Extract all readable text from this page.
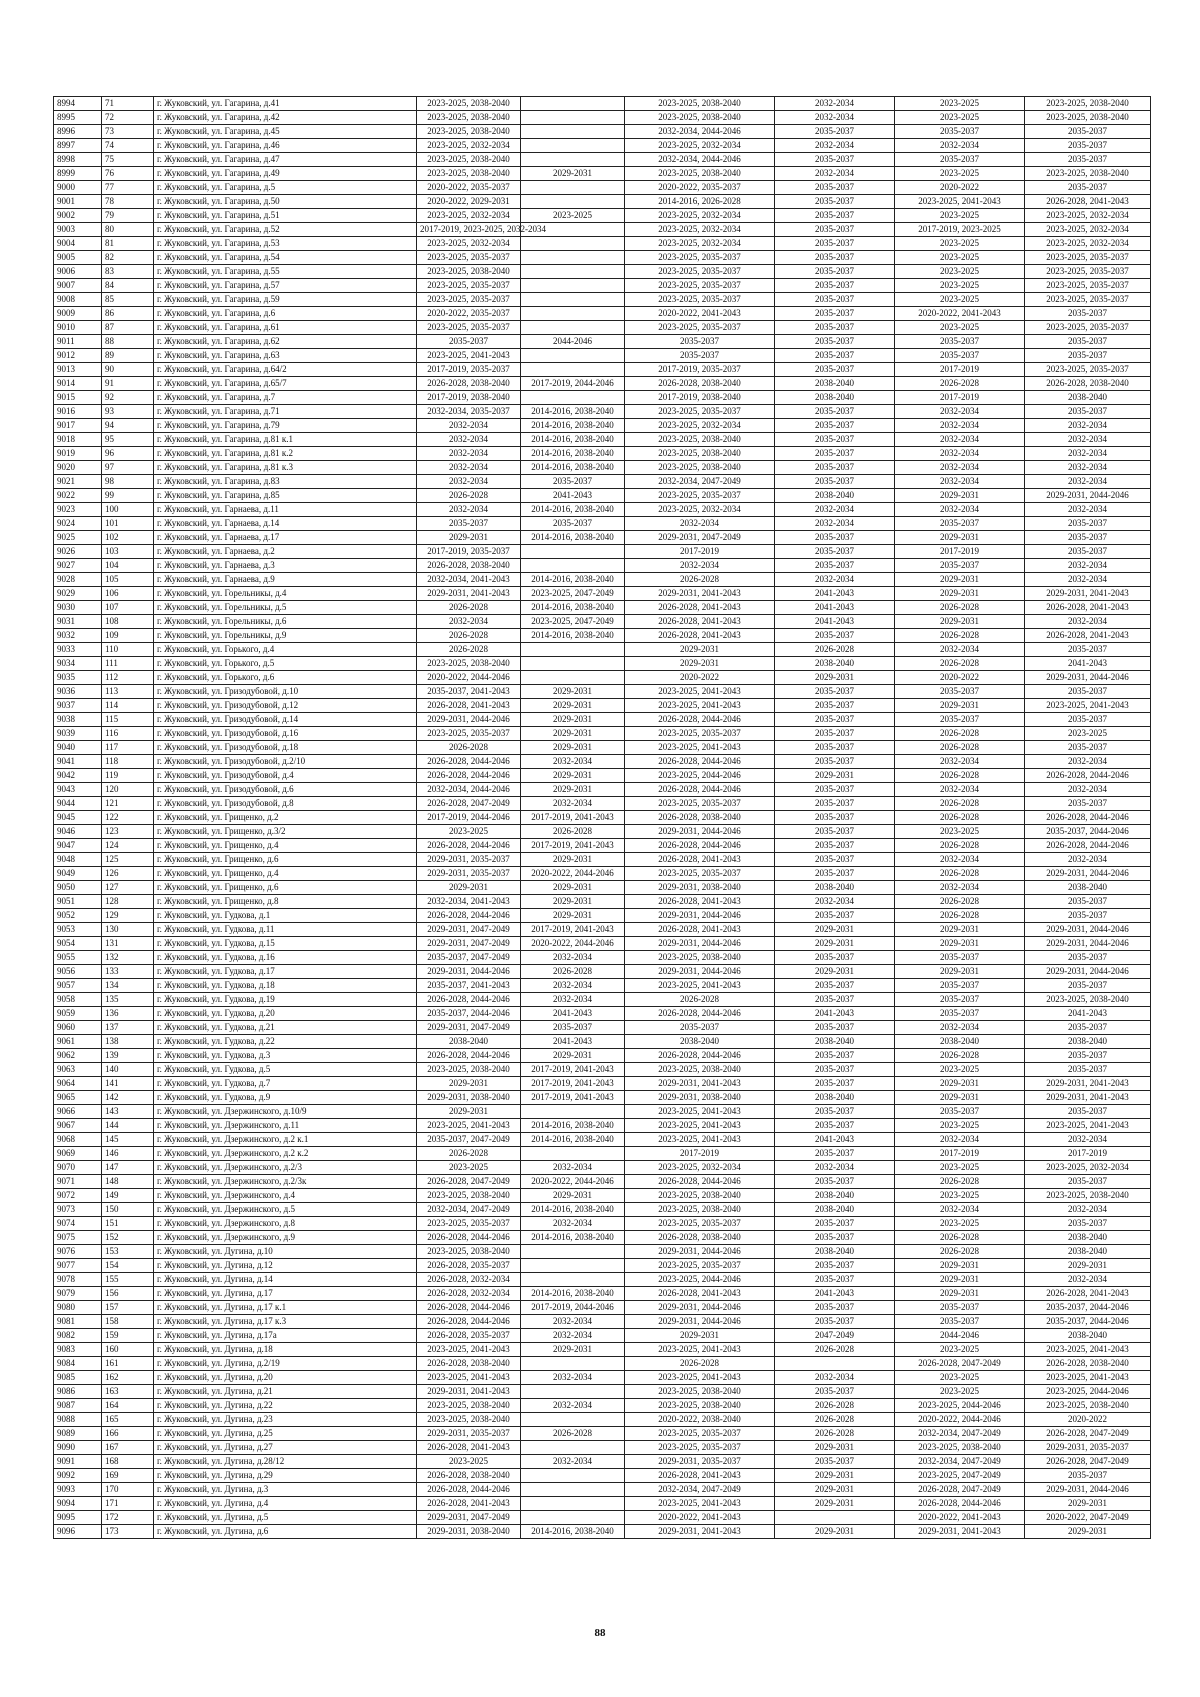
8994	71	г. Жуковский, ул. Гагарина, д.41	2023-2025, 2038-2040		2023-2025, 2038-2040	2032-2034	2023-2025	2023-2025, 2038-2040
8995	72	г. Жуковский, ул. Гагарина, д.42	2023-2025, 2038-2040		2023-2025, 2038-2040	2032-2034	2023-2025	2023-2025, 2038-2040
8996	73	г. Жуковский, ул. Гагарина, д.45	2023-2025, 2038-2040		2032-2034, 2044-2046	2035-2037	2035-2037	2035-2037
8997	74	г. Жуковский, ул. Гагарина, д.46	2023-2025, 2032-2034		2023-2025, 2032-2034	2032-2034	2032-2034	2035-2037
8998	75	г. Жуковский, ул. Гагарина, д.47	2023-2025, 2038-2040		2032-2034, 2044-2046	2035-2037	2035-2037	2035-2037
8999	76	г. Жуковский, ул. Гагарина, д.49	2023-2025, 2038-2040	2029-2031	2023-2025, 2038-2040	2032-2034	2023-2025	2023-2025, 2038-2040
9000	77	г. Жуковский, ул. Гагарина, д.5	2020-2022, 2035-2037		2020-2022, 2035-2037	2035-2037	2020-2022	2035-2037
9001	78	г. Жуковский, ул. Гагарина, д.50	2020-2022, 2029-2031		2014-2016, 2026-2028	2035-2037	2023-2025, 2041-2043	2026-2028, 2041-2043
9002	79	г. Жуковский, ул. Гагарина, д.51	2023-2025, 2032-2034	2023-2025	2023-2025, 2032-2034	2035-2037	2023-2025	2023-2025, 2032-2034
9003	80	г. Жуковский, ул. Гагарина, д.52	2017-2019, 2023-2025, 2032-2034		2023-2025, 2032-2034	2035-2037	2017-2019, 2023-2025	2023-2025, 2032-2034
9004	81	г. Жуковский, ул. Гагарина, д.53	2023-2025, 2032-2034		2023-2025, 2032-2034	2035-2037	2023-2025	2023-2025, 2032-2034
9005	82	г. Жуковский, ул. Гагарина, д.54	2023-2025, 2035-2037		2023-2025, 2035-2037	2035-2037	2023-2025	2023-2025, 2035-2037
9006	83	г. Жуковский, ул. Гагарина, д.55	2023-2025, 2038-2040		2023-2025, 2035-2037	2035-2037	2023-2025	2023-2025, 2035-2037
9007	84	г. Жуковский, ул. Гагарина, д.57	2023-2025, 2035-2037		2023-2025, 2035-2037	2035-2037	2023-2025	2023-2025, 2035-2037
9008	85	г. Жуковский, ул. Гагарина, д.59	2023-2025, 2035-2037		2023-2025, 2035-2037	2035-2037	2023-2025	2023-2025, 2035-2037
9009	86	г. Жуковский, ул. Гагарина, д.6	2020-2022, 2035-2037		2020-2022, 2041-2043	2035-2037	2020-2022, 2041-2043	2035-2037
9010	87	г. Жуковский, ул. Гагарина, д.61	2023-2025, 2035-2037		2023-2025, 2035-2037	2035-2037	2023-2025	2023-2025, 2035-2037
9011	88	г. Жуковский, ул. Гагарина, д.62	2035-2037	2044-2046	2035-2037	2035-2037	2035-2037	2035-2037
9012	89	г. Жуковский, ул. Гагарина, д.63	2023-2025, 2041-2043		2035-2037	2035-2037	2035-2037	2035-2037
9013	90	г. Жуковский, ул. Гагарина, д.64/2	2017-2019, 2035-2037		2017-2019, 2035-2037	2035-2037	2017-2019	2023-2025, 2035-2037
9014	91	г. Жуковский, ул. Гагарина, д.65/7	2026-2028, 2038-2040	2017-2019, 2044-2046	2026-2028, 2038-2040	2038-2040	2026-2028	2026-2028, 2038-2040
9015	92	г. Жуковский, ул. Гагарина, д.7	2017-2019, 2038-2040		2017-2019, 2038-2040	2038-2040	2017-2019	2038-2040
9016	93	г. Жуковский, ул. Гагарина, д.71	2032-2034, 2035-2037	2014-2016, 2038-2040	2023-2025, 2035-2037	2035-2037	2032-2034	2035-2037
9017	94	г. Жуковский, ул. Гагарина, д.79	2032-2034	2014-2016, 2038-2040	2023-2025, 2032-2034	2035-2037	2032-2034	2032-2034
9018	95	г. Жуковский, ул. Гагарина, д.81 к.1	2032-2034	2014-2016, 2038-2040	2023-2025, 2038-2040	2035-2037	2032-2034	2032-2034
9019	96	г. Жуковский, ул. Гагарина, д.81 к.2	2032-2034	2014-2016, 2038-2040	2023-2025, 2038-2040	2035-2037	2032-2034	2032-2034
9020	97	г. Жуковский, ул. Гагарина, д.81 к.3	2032-2034	2014-2016, 2038-2040	2023-2025, 2038-2040	2035-2037	2032-2034	2032-2034
9021	98	г. Жуковский, ул. Гагарина, д.83	2032-2034	2035-2037	2032-2034, 2047-2049	2035-2037	2032-2034	2032-2034
9022	99	г. Жуковский, ул. Гагарина, д.85	2026-2028	2041-2043	2023-2025, 2035-2037	2038-2040	2029-2031	2029-2031, 2044-2046
9023	100	г. Жуковский, ул. Гарнаева, д.11	2032-2034	2014-2016, 2038-2040	2023-2025, 2032-2034	2032-2034	2032-2034	2032-2034
9024	101	г. Жуковский, ул. Гарнаева, д.14	2035-2037	2035-2037	2032-2034	2032-2034	2035-2037	2035-2037
9025	102	г. Жуковский, ул. Гарнаева, д.17	2029-2031	2014-2016, 2038-2040	2029-2031, 2047-2049	2035-2037	2029-2031	2035-2037
9026	103	г. Жуковский, ул. Гарнаева, д.2	2017-2019, 2035-2037		2017-2019	2035-2037	2017-2019	2035-2037
9027	104	г. Жуковский, ул. Гарнаева, д.3	2026-2028, 2038-2040		2032-2034	2035-2037	2035-2037	2032-2034
9028	105	г. Жуковский, ул. Гарнаева, д.9	2032-2034, 2041-2043	2014-2016, 2038-2040	2026-2028	2032-2034	2029-2031	2032-2034
9029	106	г. Жуковский, ул. Горельникы, д.4	2029-2031, 2041-2043	2023-2025, 2047-2049	2029-2031, 2041-2043	2041-2043	2029-2031	2029-2031, 2041-2043
9030	107	г. Жуковский, ул. Горельникы, д.5	2026-2028	2014-2016, 2038-2040	2026-2028, 2041-2043	2041-2043	2026-2028	2026-2028, 2041-2043
9031	108	г. Жуковский, ул. Горельникы, д.6	2032-2034	2023-2025, 2047-2049	2026-2028, 2041-2043	2041-2043	2029-2031	2032-2034
9032	109	г. Жуковский, ул. Горельникы, д.9	2026-2028	2014-2016, 2038-2040	2026-2028, 2041-2043	2035-2037	2026-2028	2026-2028, 2041-2043
9033	110	г. Жуковский, ул. Горького, д.4	2026-2028		2029-2031	2026-2028	2032-2034	2035-2037
9034	111	г. Жуковский, ул. Горького, д.5	2023-2025, 2038-2040		2029-2031	2038-2040	2026-2028	2041-2043
9035	112	г. Жуковский, ул. Горького, д.6	2020-2022, 2044-2046		2020-2022	2029-2031	2020-2022	2029-2031, 2044-2046
9036	113	г. Жуковский, ул. Гризодубовой, д.10	2035-2037, 2041-2043	2029-2031	2023-2025, 2041-2043	2035-2037	2035-2037	2035-2037
9037	114	г. Жуковский, ул. Гризодубовой, д.12	2026-2028, 2041-2043	2029-2031	2023-2025, 2041-2043	2035-2037	2029-2031	2023-2025, 2041-2043
9038	115	г. Жуковский, ул. Гризодубовой, д.14	2029-2031, 2044-2046	2029-2031	2026-2028, 2044-2046	2035-2037	2035-2037	2035-2037
9039	116	г. Жуковский, ул. Гризодубовой, д.16	2023-2025, 2035-2037	2029-2031	2023-2025, 2035-2037	2035-2037	2026-2028	2023-2025
9040	117	г. Жуковский, ул. Гризодубовой, д.18	2026-2028	2029-2031	2023-2025, 2041-2043	2035-2037	2026-2028	2035-2037
9041	118	г. Жуковский, ул. Гризодубовой, д.2/10	2026-2028, 2044-2046	2032-2034	2026-2028, 2044-2046	2035-2037	2032-2034	2032-2034
9042	119	г. Жуковский, ул. Гризодубовой, д.4	2026-2028, 2044-2046	2029-2031	2023-2025, 2044-2046	2029-2031	2026-2028	2026-2028, 2044-2046
9043	120	г. Жуковский, ул. Гризодубовой, д.6	2032-2034, 2044-2046	2029-2031	2026-2028, 2044-2046	2035-2037	2032-2034	2032-2034
9044	121	г. Жуковский, ул. Гризодубовой, д.8	2026-2028, 2047-2049	2032-2034	2023-2025, 2035-2037	2035-2037	2026-2028	2035-2037
9045	122	г. Жуковский, ул. Грищенко, д.2	2017-2019, 2044-2046	2017-2019, 2041-2043	2026-2028, 2038-2040	2035-2037	2026-2028	2026-2028, 2044-2046
9046	123	г. Жуковский, ул. Грищенко, д.3/2	2023-2025	2026-2028	2029-2031, 2044-2046	2035-2037	2023-2025	2035-2037, 2044-2046
9047	124	г. Жуковский, ул. Грищенко, д.4	2026-2028, 2044-2046	2017-2019, 2041-2043	2026-2028, 2044-2046	2035-2037	2026-2028	2026-2028, 2044-2046
9048	125	г. Жуковский, ул. Грищенко, д.6	2029-2031, 2035-2037	2029-2031	2026-2028, 2041-2043	2035-2037	2032-2034	2032-2034
9049	126	г. Жуковский, ул. Грищенко, д.4	2029-2031, 2035-2037	2020-2022, 2044-2046	2023-2025, 2035-2037	2035-2037	2026-2028	2029-2031, 2044-2046
9050	127	г. Жуковский, ул. Грищенко, д.6	2029-2031	2029-2031	2029-2031, 2038-2040	2038-2040	2032-2034	2038-2040
9051	128	г. Жуковский, ул. Грищенко, д.8	2032-2034, 2041-2043	2029-2031	2026-2028, 2041-2043	2032-2034	2026-2028	2035-2037
9052	129	г. Жуковский, ул. Гудкова, д.1	2026-2028, 2044-2046	2029-2031	2029-2031, 2044-2046	2035-2037	2026-2028	2035-2037
9053	130	г. Жуковский, ул. Гудкова, д.11	2029-2031, 2047-2049	2017-2019, 2041-2043	2026-2028, 2041-2043	2029-2031	2029-2031	2029-2031, 2044-2046
9054	131	г. Жуковский, ул. Гудкова, д.15	2029-2031, 2047-2049	2020-2022, 2044-2046	2029-2031, 2044-2046	2029-2031	2029-2031	2029-2031, 2044-2046
9055	132	г. Жуковский, ул. Гудкова, д.16	2035-2037, 2047-2049	2032-2034	2023-2025, 2038-2040	2035-2037	2035-2037	2035-2037
9056	133	г. Жуковский, ул. Гудкова, д.17	2029-2031, 2044-2046	2026-2028	2029-2031, 2044-2046	2029-2031	2029-2031	2029-2031, 2044-2046
9057	134	г. Жуковский, ул. Гудкова, д.18	2035-2037, 2041-2043	2032-2034	2023-2025, 2041-2043	2035-2037	2035-2037	2035-2037
9058	135	г. Жуковский, ул. Гудкова, д.19	2026-2028, 2044-2046	2032-2034	2026-2028	2035-2037	2035-2037	2023-2025, 2038-2040
9059	136	г. Жуковский, ул. Гудкова, д.20	2035-2037, 2044-2046	2041-2043	2026-2028, 2044-2046	2041-2043	2035-2037	2041-2043
9060	137	г. Жуковский, ул. Гудкова, д.21	2029-2031, 2047-2049	2035-2037	2035-2037	2035-2037	2032-2034	2035-2037
9061	138	г. Жуковский, ул. Гудкова, д.22	2038-2040	2041-2043	2038-2040	2038-2040	2038-2040	2038-2040
9062	139	г. Жуковский, ул. Гудкова, д.3	2026-2028, 2044-2046	2029-2031	2026-2028, 2044-2046	2035-2037	2026-2028	2035-2037
9063	140	г. Жуковский, ул. Гудкова, д.5	2023-2025, 2038-2040	2017-2019, 2041-2043	2023-2025, 2038-2040	2035-2037	2023-2025	2035-2037
9064	141	г. Жуковский, ул. Гудкова, д.7	2029-2031	2017-2019, 2041-2043	2029-2031, 2041-2043	2035-2037	2029-2031	2029-2031, 2041-2043
9065	142	г. Жуковский, ул. Гудкова, д.9	2029-2031, 2038-2040	2017-2019, 2041-2043	2029-2031, 2038-2040	2038-2040	2029-2031	2029-2031, 2041-2043
9066	143	г. Жуковский, ул. Дзержинского, д.10/9	2029-2031		2023-2025, 2041-2043	2035-2037	2035-2037	2035-2037
9067	144	г. Жуковский, ул. Дзержинского, д.11	2023-2025, 2041-2043	2014-2016, 2038-2040	2023-2025, 2041-2043	2035-2037	2023-2025	2023-2025, 2041-2043
9068	145	г. Жуковский, ул. Дзержинского, д.2 к.1	2035-2037, 2047-2049	2014-2016, 2038-2040	2023-2025, 2041-2043	2041-2043	2032-2034	2032-2034
9069	146	г. Жуковский, ул. Дзержинского, д.2 к.2	2026-2028		2017-2019	2035-2037	2017-2019	2017-2019
9070	147	г. Жуковский, ул. Дзержинского, д.2/3	2023-2025	2032-2034	2023-2025, 2032-2034	2032-2034	2023-2025	2023-2025, 2032-2034
9071	148	г. Жуковский, ул. Дзержинского, д.2/3к	2026-2028, 2047-2049	2020-2022, 2044-2046	2026-2028, 2044-2046	2035-2037	2026-2028	2035-2037
9072	149	г. Жуковский, ул. Дзержинского, д.4	2023-2025, 2038-2040	2029-2031	2023-2025, 2038-2040	2038-2040	2023-2025	2023-2025, 2038-2040
9073	150	г. Жуковский, ул. Дзержинского, д.5	2032-2034, 2047-2049	2014-2016, 2038-2040	2023-2025, 2038-2040	2038-2040	2032-2034	2032-2034
9074	151	г. Жуковский, ул. Дзержинского, д.8	2023-2025, 2035-2037	2032-2034	2023-2025, 2035-2037	2035-2037	2023-2025	2035-2037
9075	152	г. Жуковский, ул. Дзержинского, д.9	2026-2028, 2044-2046	2014-2016, 2038-2040	2026-2028, 2038-2040	2035-2037	2026-2028	2038-2040
9076	153	г. Жуковский, ул. Дугина, д.10	2023-2025, 2038-2040		2029-2031, 2044-2046	2038-2040	2026-2028	2038-2040
9077	154	г. Жуковский, ул. Дугина, д.12	2026-2028, 2035-2037		2023-2025, 2035-2037	2035-2037	2029-2031	2029-2031
9078	155	г. Жуковский, ул. Дугина, д.14	2026-2028, 2032-2034		2023-2025, 2044-2046	2035-2037	2029-2031	2032-2034
9079	156	г. Жуковский, ул. Дугина, д.17	2026-2028, 2032-2034	2014-2016, 2038-2040	2026-2028, 2041-2043	2041-2043	2029-2031	2026-2028, 2041-2043
9080	157	г. Жуковский, ул. Дугина, д.17 к.1	2026-2028, 2044-2046	2017-2019, 2044-2046	2029-2031, 2044-2046	2035-2037	2035-2037	2035-2037, 2044-2046
9081	158	г. Жуковский, ул. Дугина, д.17 к.3	2026-2028, 2044-2046	2032-2034	2029-2031, 2044-2046	2035-2037	2035-2037	2035-2037, 2044-2046
9082	159	г. Жуковский, ул. Дугина, д.17а	2026-2028, 2035-2037	2032-2034	2029-2031	2047-2049	2044-2046	2038-2040
9083	160	г. Жуковский, ул. Дугина, д.18	2023-2025, 2041-2043	2029-2031	2023-2025, 2041-2043	2026-2028	2023-2025	2023-2025, 2041-2043
9084	161	г. Жуковский, ул. Дугина, д.2/19	2026-2028, 2038-2040		2026-2028		2026-2028, 2047-2049	2026-2028, 2038-2040
9085	162	г. Жуковский, ул. Дугина, д.20	2023-2025, 2041-2043	2032-2034	2023-2025, 2041-2043	2032-2034	2023-2025	2023-2025, 2041-2043
9086	163	г. Жуковский, ул. Дугина, д.21	2029-2031, 2041-2043		2023-2025, 2038-2040	2035-2037	2023-2025	2023-2025, 2044-2046
9087	164	г. Жуковский, ул. Дугина, д.22	2023-2025, 2038-2040	2032-2034	2023-2025, 2038-2040	2026-2028	2023-2025, 2044-2046	2023-2025, 2038-2040
9088	165	г. Жуковский, ул. Дугина, д.23	2023-2025, 2038-2040		2020-2022, 2038-2040	2026-2028	2020-2022, 2044-2046	2020-2022
9089	166	г. Жуковский, ул. Дугина, д.25	2029-2031, 2035-2037	2026-2028	2023-2025, 2035-2037	2026-2028	2032-2034, 2047-2049	2026-2028, 2047-2049
9090	167	г. Жуковский, ул. Дугина, д.27	2026-2028, 2041-2043		2023-2025, 2035-2037	2029-2031	2023-2025, 2038-2040	2029-2031, 2035-2037
9091	168	г. Жуковский, ул. Дугина, д.28/12	2023-2025	2032-2034	2029-2031, 2035-2037	2035-2037	2032-2034, 2047-2049	2026-2028, 2047-2049
9092	169	г. Жуковский, ул. Дугина, д.29	2026-2028, 2038-2040		2026-2028, 2041-2043	2029-2031	2023-2025, 2047-2049	2035-2037
9093	170	г. Жуковский, ул. Дугина, д.3	2026-2028, 2044-2046		2032-2034, 2047-2049	2029-2031	2026-2028, 2047-2049	2029-2031, 2044-2046
9094	171	г. Жуковский, ул. Дугина, д.4	2026-2028, 2041-2043		2023-2025, 2041-2043	2029-2031	2026-2028, 2044-2046	2029-2031
9095	172	г. Жуковский, ул. Дугина, д.5	2029-2031, 2047-2049		2020-2022, 2041-2043		2020-2022, 2041-2043	2020-2022, 2047-2049
9096	173	г. Жуковский, ул. Дугина, д.6	2029-2031, 2038-2040	2014-2016, 2038-2040	2029-2031, 2041-2043	2029-2031	2029-2031, 2041-2043	2029-2031
88
